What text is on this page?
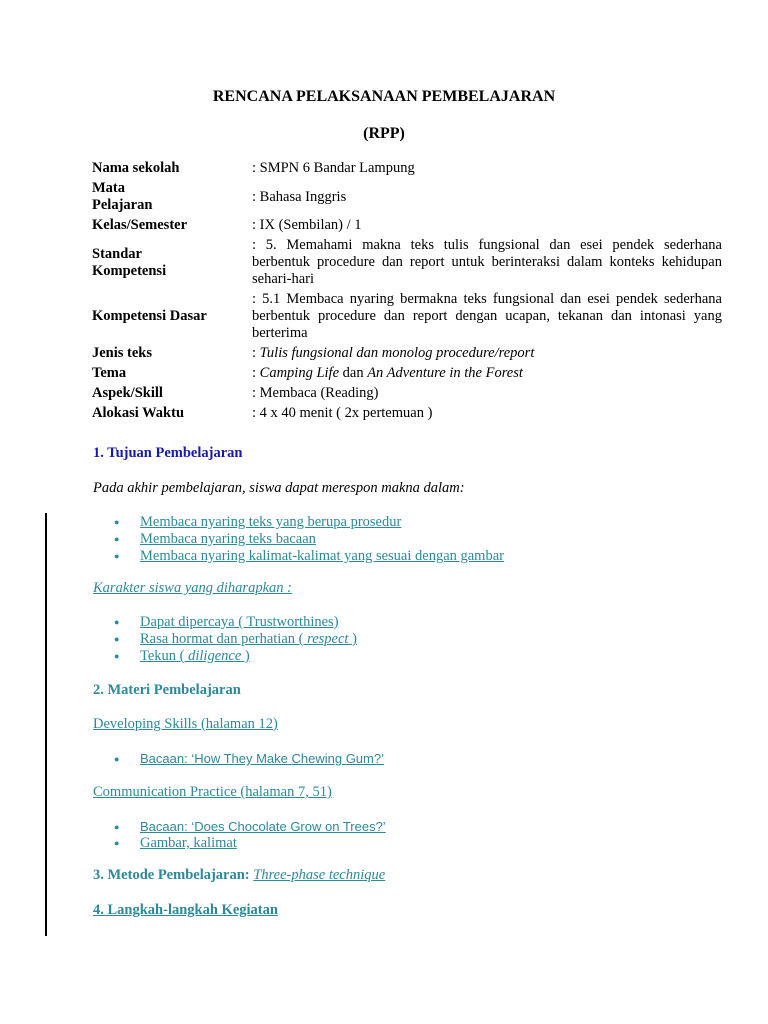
RENCANA PELAKSANAAN PEMBELAJARAN
(RPP)
Nama sekolah	: SMPN 6 Bandar Lampung
Mata Pelajaran
: Bahasa Inggris
Kelas/Semester	: IX (Sembilan) / 1
Standar Kompetensi
: 5. Memahami makna teks tulis fungsional dan esei pendek sederhana berbentuk procedure dan report untuk berinteraksi dalam konteks kehidupan sehari-hari
Kompetensi Dasar
: 5.1 Membaca nyaring bermakna teks fungsional dan esei pendek sederhana berbentuk procedure dan report dengan ucapan, tekanan dan intonasi yang berterima
Jenis teks	: Tulis fungsional dan monolog procedure/report
Tema	: Camping Life dan An Adventure in the Forest
Aspek/Skill	: Membaca (Reading)
Alokasi Waktu	: 4 x 40 menit ( 2x pertemuan )
1. Tujuan Pembelajaran
Pada akhir pembelajaran, siswa dapat merespon makna dalam:
● Membaca nyaring teks yang berupa prosedur
● Membaca nyaring teks bacaan
● Membaca nyaring kalimat-kalimat yang sesuai dengan gambar
Karakter siswa yang diharapkan :
● Dapat dipercaya ( Trustworthines)
● Rasa hormat dan perhatian ( respect )
● Tekun ( diligence )
2. Materi Pembelajaran
Developing Skills (halaman 12)
● Bacaan: ‘How They Make Chewing Gum?’
Communication Practice (halaman 7, 51)
● Bacaan: ‘Does Chocolate Grow on Trees?’
● Gambar, kalimat
3. Metode Pembelajaran: Three-phase technique
4. Langkah-langkah Kegiatan
